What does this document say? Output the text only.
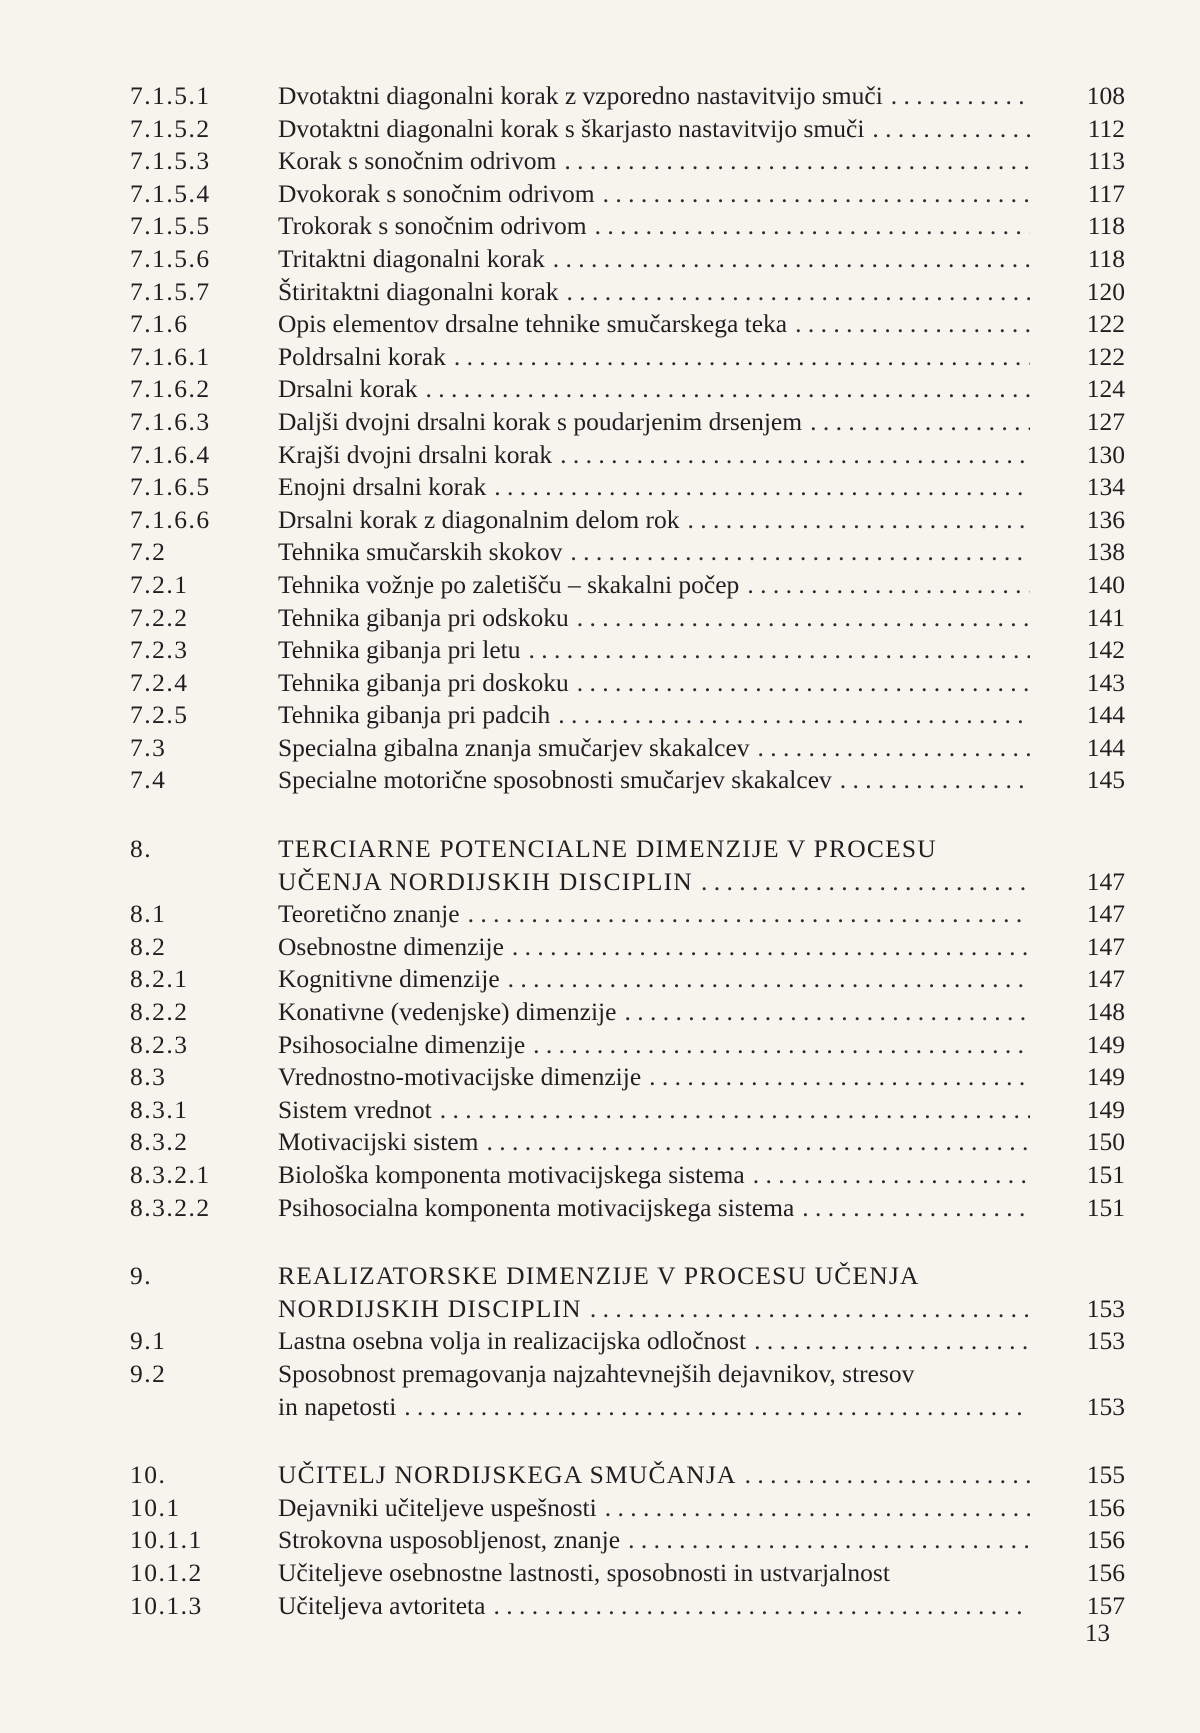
7.1.5.1	Dvotaktni diagonalni korak z vzporedno nastavitvijo smuči . . .	108
7.1.5.2	Dvotaktni diagonalni korak s škarjasto nastavitvijo smuči . . .	112
7.1.5.3	Korak s sonočnim odrivom . . .	113
7.1.5.4	Dvokorak s sonočnim odrivom . . .	117
7.1.5.5	Trokorak s sonočnim odrivom . . .	118
7.1.5.6	Tritaktni diagonalni korak . . .	118
7.1.5.7	Štiritaktni diagonalni korak . . .	120
7.1.6	Opis elementov drsalne tehnike smučarskega teka . . .	122
7.1.6.1	Poldrsalni korak . . .	122
7.1.6.2	Drsalni korak . . .	124
7.1.6.3	Daljši dvojni drsalni korak s poudarjenim drsenjem . . .	127
7.1.6.4	Krajši dvojni drsalni korak . . .	130
7.1.6.5	Enojni drsalni korak . . .	134
7.1.6.6	Drsalni korak z diagonalnim delom rok . . .	136
7.2	Tehnika smučarskih skokov . . .	138
7.2.1	Tehnika vožnje po zaletišču – skakalni počep . . .	140
7.2.2	Tehnika gibanja pri odskoku . . .	141
7.2.3	Tehnika gibanja pri letu . . .	142
7.2.4	Tehnika gibanja pri doskoku . . .	143
7.2.5	Tehnika gibanja pri padcih . . .	144
7.3	Specialna gibalna znanja smučarjev skakalcev . . .	144
7.4	Specialne motorične sposobnosti smučarjev skakalcev . . .	145
8.	TERCIARNE POTENCIALNE DIMENZIJE V PROCESU
UČENJA NORDIJSKIH DISCIPLIN . . .	147
8.1	Teoretično znanje . . .	147
8.2	Osebnostne dimenzije . . .	147
8.2.1	Kognitivne dimenzije . . .	147
8.2.2	Konativne (vedenjske) dimenzije . . .	148
8.2.3	Psihosocialne dimenzije . . .	149
8.3	Vrednostno-motivacijske dimenzije . . .	149
8.3.1	Sistem vrednot . . .	149
8.3.2	Motivacijski sistem . . .	150
8.3.2.1	Biološka komponenta motivacijskega sistema . . .	151
8.3.2.2	Psihosocialna komponenta motivacijskega sistema . . .	151
9.	REALIZATORSKE DIMENZIJE V PROCESU UČENJA
NORDIJSKIH DISCIPLIN . . .	153
9.1	Lastna osebna volja in realizacijska odločnost . . .	153
9.2	Sposobnost premagovanja najzahtevnejših dejavnikov, stresov
in napetosti . . .	153
10.	UČITELJ NORDIJSKEGA SMUČANJA . . .	155
10.1	Dejavniki učiteljeve uspešnosti . . .	156
10.1.1	Strokovna usposobljenost, znanje . . .	156
10.1.2	Učiteljeve osebnostne lastnosti, sposobnosti in ustvarjalnost	156
10.1.3	Učiteljeva avtoriteta . . .	157
13
